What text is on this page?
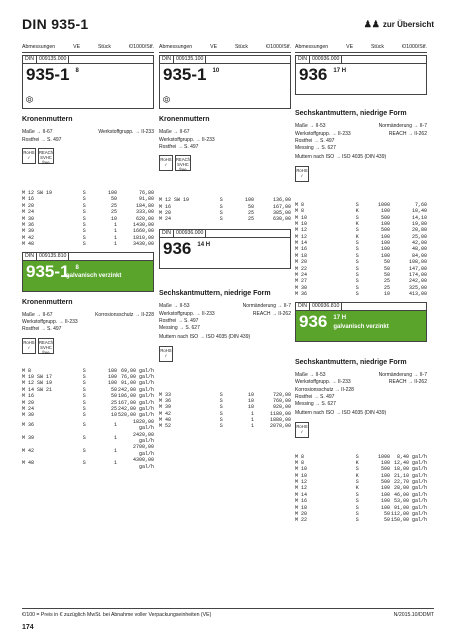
DIN 935-1	♟♟ zur Übersicht
Abmessungen	VE	Stück	€/1000/Stf.
DIN 009135.000
935-1 8
Kronenmuttern
Maße → II-67	Werkstoffgrupp. → II-233
Rostfrei → S. 497
RoHS
✓
REACh SVHC free
M 12 SW 19	S	100	76,80
M 16	S	50	91,80
M 20	S	25	184,80
M 24	S	25	333,00
M 30	S	10	620,00
M 36	S	1	1430,00
M 39	S	1	1660,00
M 42	S	1	1810,00
M 48	S	1	3430,00
DIN 009135.810
935-1 8
galvanisch verzinkt
Kronenmuttern
Maße → II-67	Korrosionsschutz → II-228
Werkstoffgrupp. → II-233
Rostfrei → S. 497
RoHS
✓
REACh SVHC free
M 8	S	100	69,00 gal/h
M 10 SW 17	S	100	76,00 gal/h
M 12 SW 19	S	100	91,00 gal/h
M 14 SW 21	S	50	242,00 gal/h
M 16	S	50	106,00 gal/h
M 20	S	25	167,00 gal/h
M 24	S	25	242,00 gal/h
M 30	S	10	520,00 gal/h
M 36	S	1	1820,00 gal/h
M 39	S	1	2420,00 gal/h
M 42	S	1	2700,00 gal/h
M 48	S	1	4300,00 gal/h
Abmessungen	VE	Stück	€/1000/Stf.
DIN 009135.100
935-1 10
Kronenmuttern
Maße → II-67
Werkstoffgrupp. → II-233
Rostfrei → S. 497
RoHS
✓
REACh SVHC free
M 12 SW 19	S	100	136,00
M 16	S	50	167,00
M 20	S	25	385,00
M 24	S	25	630,00
DIN 000936.000
936 14 H
Sechskantmuttern, niedrige Form
Maße → II-53	Normänderung → II-7
Werkstoffgrupp. → II-233	REACH → II-262
Rostfrei → S. 497
Messing → S. 627
Muttern nach ISO → ISO 4035 (DIN 439)
RoHS
✓
M 33	S	10	720,00
M 36	S	10	760,00
M 39	S	10	920,00
M 42	S	1	1180,00
M 48	S	1	1880,00
M 52	S	1	2070,00
Abmessungen	VE	Stück	€/1000/Stf.
DIN 000936.000
936 17 H
Sechskantmuttern, niedrige Form
Maße → II-53	Normänderung → II-7
Werkstoffgrupp. → II-233	REACH → II-262
Rostfrei → S. 497
Messing → S. 627
Muttern nach ISO → ISO 4035 (DIN 439)
RoHS
✓
M 8	S	1000	7,60
M 8	K	100	10,40
M 10	S	500	14,10
M 10	K	100	19,80
M 12	S	500	20,80
M 12	K	100	25,00
M 14	S	100	42,00
M 16	S	100	48,00
M 18	S	100	84,00
M 20	S	50	108,00
M 22	S	50	147,00
M 24	S	50	174,00
M 27	S	25	242,00
M 30	S	25	325,00
M 36	S	10	413,00
DIN 000936.810
936 17 H
galvanisch verzinkt
Sechskantmuttern, niedrige Form
Maße → II-53	Normänderung → II-7
Werkstoffgrupp. → II-233	REACH → II-262
Korrosionsschutz → II-228
Rostfrei → S. 497
Messing → S. 627
Muttern nach ISO → ISO 4035 (DIN 439)
RoHS
✓
M 8	S	1000	8,40 gal/h
M 8	K	100	12,40 gal/h
M 10	S	500	18,00 gal/h
M 10	K	100	21,10 gal/h
M 12	S	500	22,70 gal/h
M 12	K	100	28,00 gal/h
M 14	S	100	46,00 gal/h
M 16	S	100	53,00 gal/h
M 18	S	100	91,00 gal/h
M 20	S	50	112,00 gal/h
M 22	S	50	150,00 gal/h
€/100 = Preis in € zuzüglich MwSt. bei Abnahme voller Verpackungseinheiten (VE)	N/2015.10/DDMT
174
